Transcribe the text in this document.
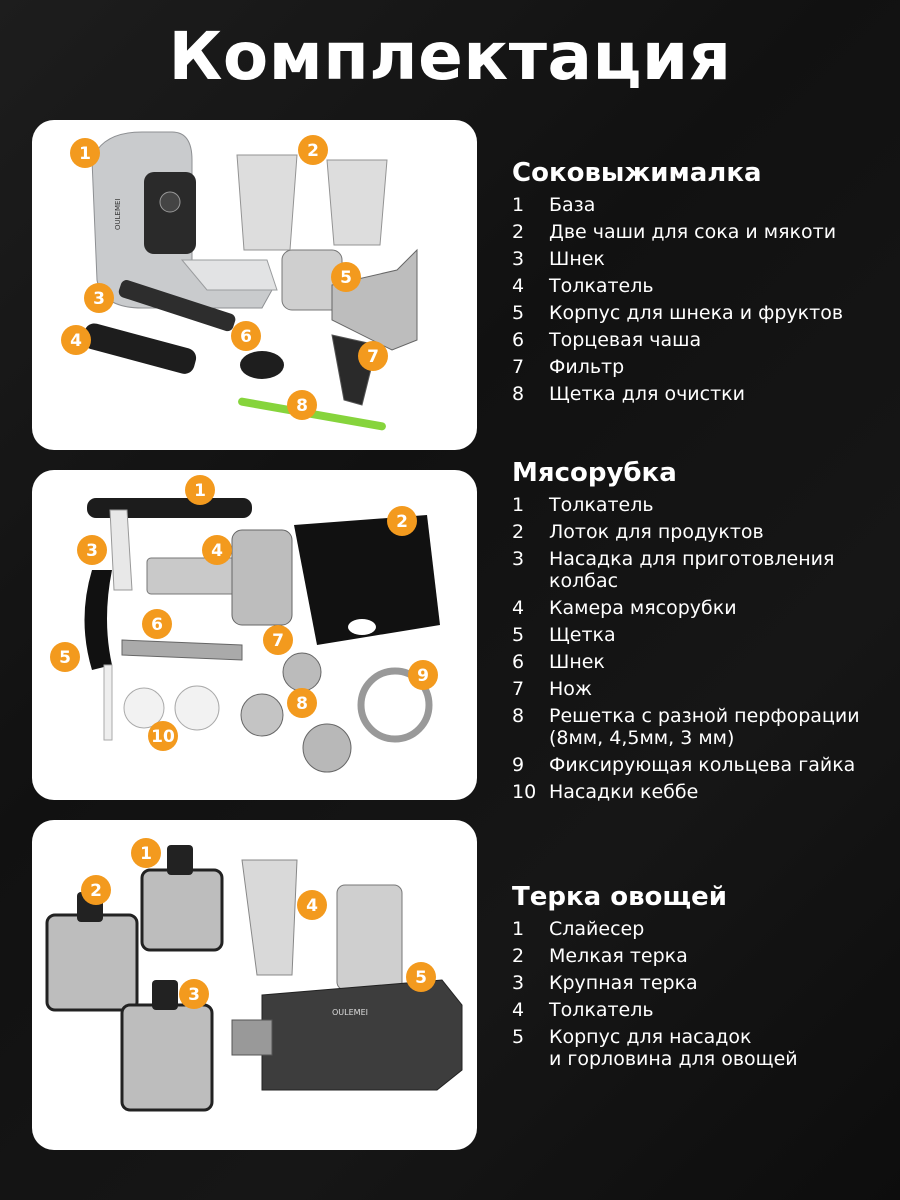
Комплектация
OULEMEI
1	2
3
4
5
6
7
8
1
2
3	4
5
6
7
8
9
10
OULEMEI
1
2
3
4
5
Соковыжималка
1	База
2	Две чаши для сока и мякоти
3	Шнек
4	Толкатель
5	Корпус для шнека и фруктов
6	Торцевая чаша
7	Фильтр
8	Щетка для очистки
Мясорубка
1	Толкатель
2	Лоток для продуктов
3	Насадка для приготовления
колбас
4	Камера мясорубки
5	Щетка
6	Шнек
7	Нож
8	Решетка с разной перфорации
(8мм, 4,5мм, 3 мм)
9	Фиксирующая кольцева гайка
10 Насадки кеббе
Терка овощей
1	Слайесер
2	Мелкая терка
3	Крупная терка
4	Толкатель
5	Корпус для насадок
и горловина для овощей
